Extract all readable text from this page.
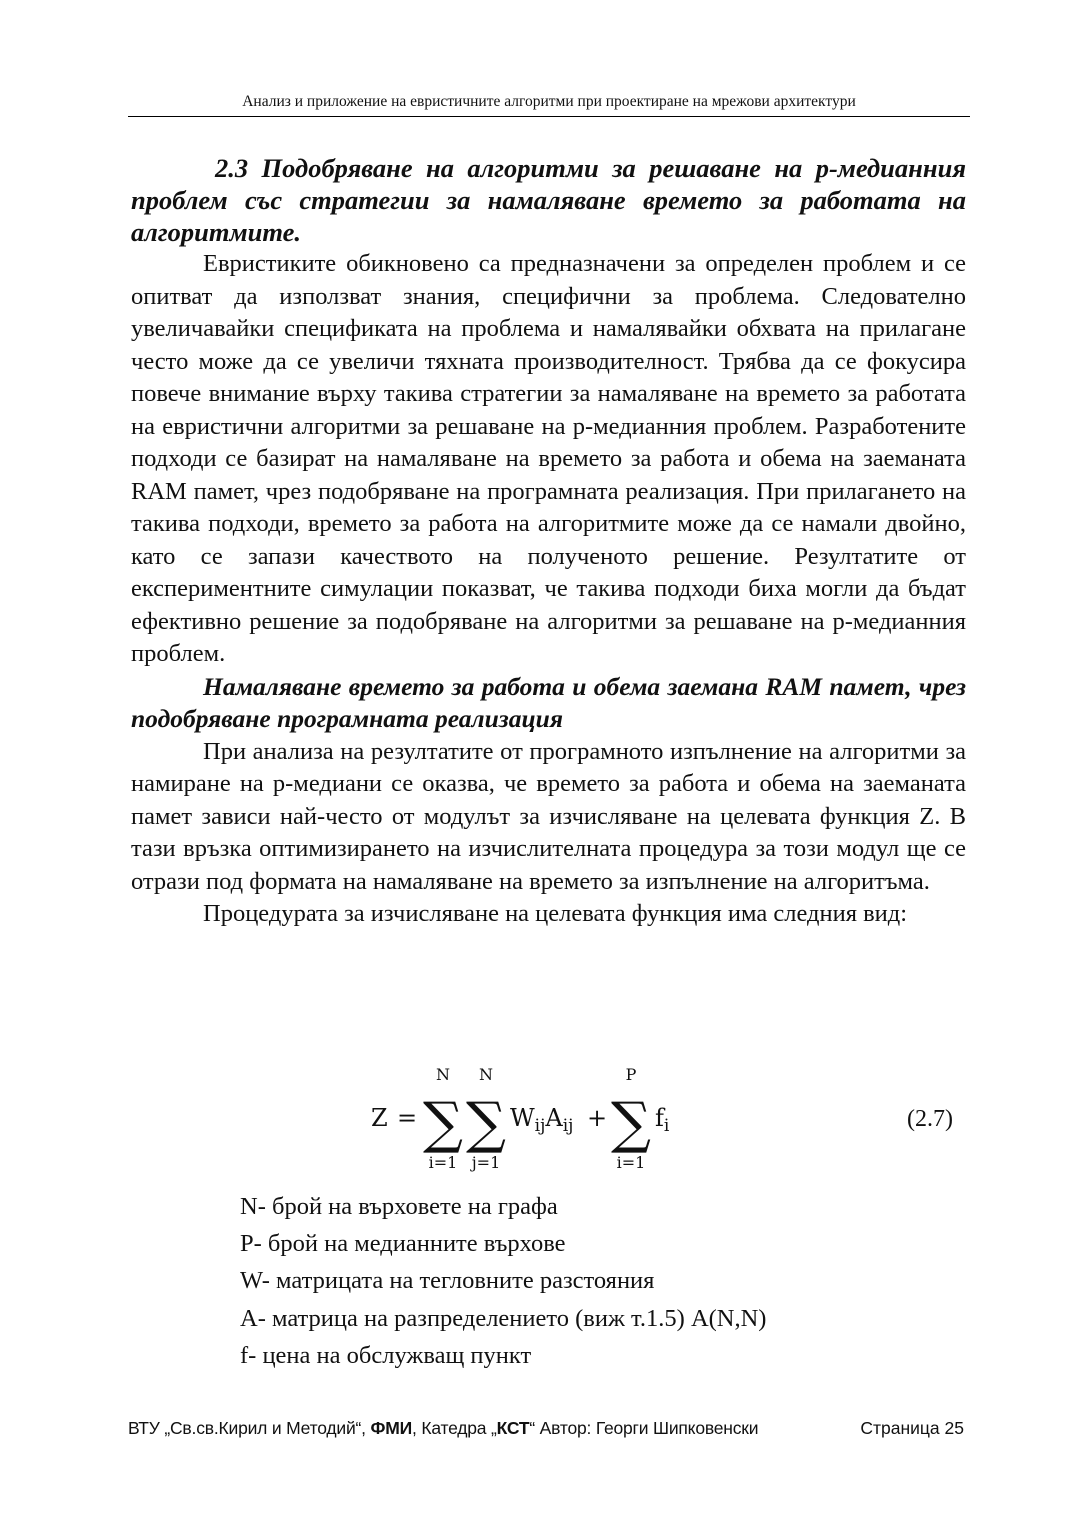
Анализ и приложение на евристичните алгоритми при проектиране на мрежови архитектури

2.3 Подобряване на алгоритми за решаване на p-медианния проблем със стратегии за намаляване времето за работата на алгоритмите.

Евристиките обикновено са предназначени за определен проблем и се опитват да използват знания, специфични за проблема. Следователно увеличавайки спецификата на проблема и намалявайки обхвата на прилагане често може да се увеличи тяхната производителност. Трябва да се фокусира повече внимание върху такива стратегии за намаляване на времето за работата на евристични алгоритми за решаване на p-медианния проблем. Разработените подходи се базират на намаляване на времето за работа и обема на заеманата RAM памет, чрез подобряване на програмната реализация. При прилагането на такива подходи, времето за работа на алгоритмите може да се намали двойно, като се запази качеството на полученото решение. Резултатите от експериментните симулации показват, че такива подходи биха могли да бъдат ефективно решение за подобряване на алгоритми за решаване на p-медианния проблем.

Намаляване времето за работа и обема заемана RAM памет, чрез подобряване програмната реализация

При анализа на резултатите от програмното изпълнение на алгоритми за намиране на p-медиани се оказва, че времето за работа и обема на заеманата памет зависи най-често от модулът за изчисляване на целевата функция Z. В тази връзка оптимизирането на изчислителната процедура за този модул ще се отрази под формата на намаляване на времето за изпълнение на алгоритъма.

Процедурата за изчисляване на целевата функция има следния вид:

Z =
N
∑
i=1
N
∑
j=1
$W_{ij}A_{ij}$ +
P
∑
i=1
$f_i$	(2.7)
N- брой на върховете на графа
P- брой на медианните върхове
W- матрицата на тегловните разстояния
A- матрица на разпределението (виж т.1.5) A(N,N)
f- цена на обслужващ пункт
ВТУ „Св.св.Кирил и Методий“, ФМИ, Катедра „КСТ“ Автор: Георги Шипковенски	Страница 25
